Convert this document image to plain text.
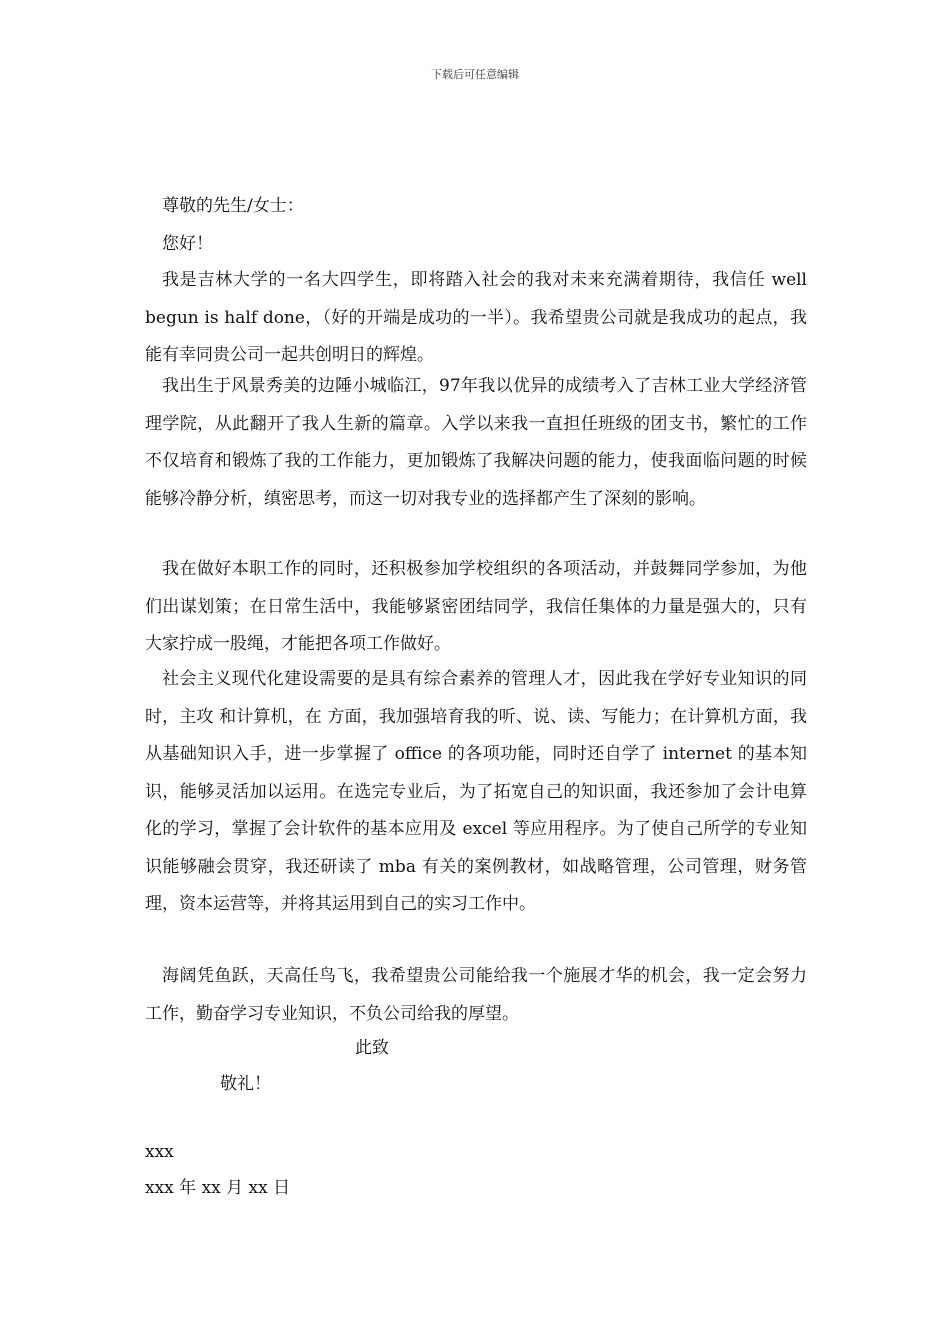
下载后可任意编辑
尊敬的先生/女士：
您好！

我是吉林大学的一名大四学生，即将踏入社会的我对未来充满着期待，我信任 well begun is half done，（好的开端是成功的一半）。我希望贵公司就是我成功的起点，我能有幸同贵公司一起共创明日的辉煌。

我出生于风景秀美的边陲小城临江，97年我以优异的成绩考入了吉林工业大学经济管理学院，从此翻开了我人生新的篇章。入学以来我一直担任班级的团支书，繁忙的工作不仅培育和锻炼了我的工作能力，更加锻炼了我解决问题的能力，使我面临问题的时候能够冷静分析，缜密思考，而这一切对我专业的选择都产生了深刻的影响。

我在做好本职工作的同时，还积极参加学校组织的各项活动，并鼓舞同学参加，为他们出谋划策；在日常生活中，我能够紧密团结同学，我信任集体的力量是强大的，只有大家拧成一股绳，才能把各项工作做好。

社会主义现代化建设需要的是具有综合素养的管理人才，因此我在学好专业知识的同时，主攻 和计算机，在 方面，我加强培育我的听、说、读、写能力；在计算机方面，我从基础知识入手，进一步掌握了 office 的各项功能，同时还自学了 internet 的基本知识，能够灵活加以运用。在选完专业后，为了拓宽自己的知识面，我还参加了会计电算化的学习，掌握了会计软件的基本应用及 excel 等应用程序。为了使自己所学的专业知识能够融会贯穿，我还研读了 mba 有关的案例教材，如战略管理，公司管理，财务管理，资本运营等，并将其运用到自己的实习工作中。

海阔凭鱼跃，天高任鸟飞，我希望贵公司能给我一个施展才华的机会，我一定会努力工作，勤奋学习专业知识，不负公司给我的厚望。

此致
敬礼！
xxx
xxx 年 xx 月 xx 日
